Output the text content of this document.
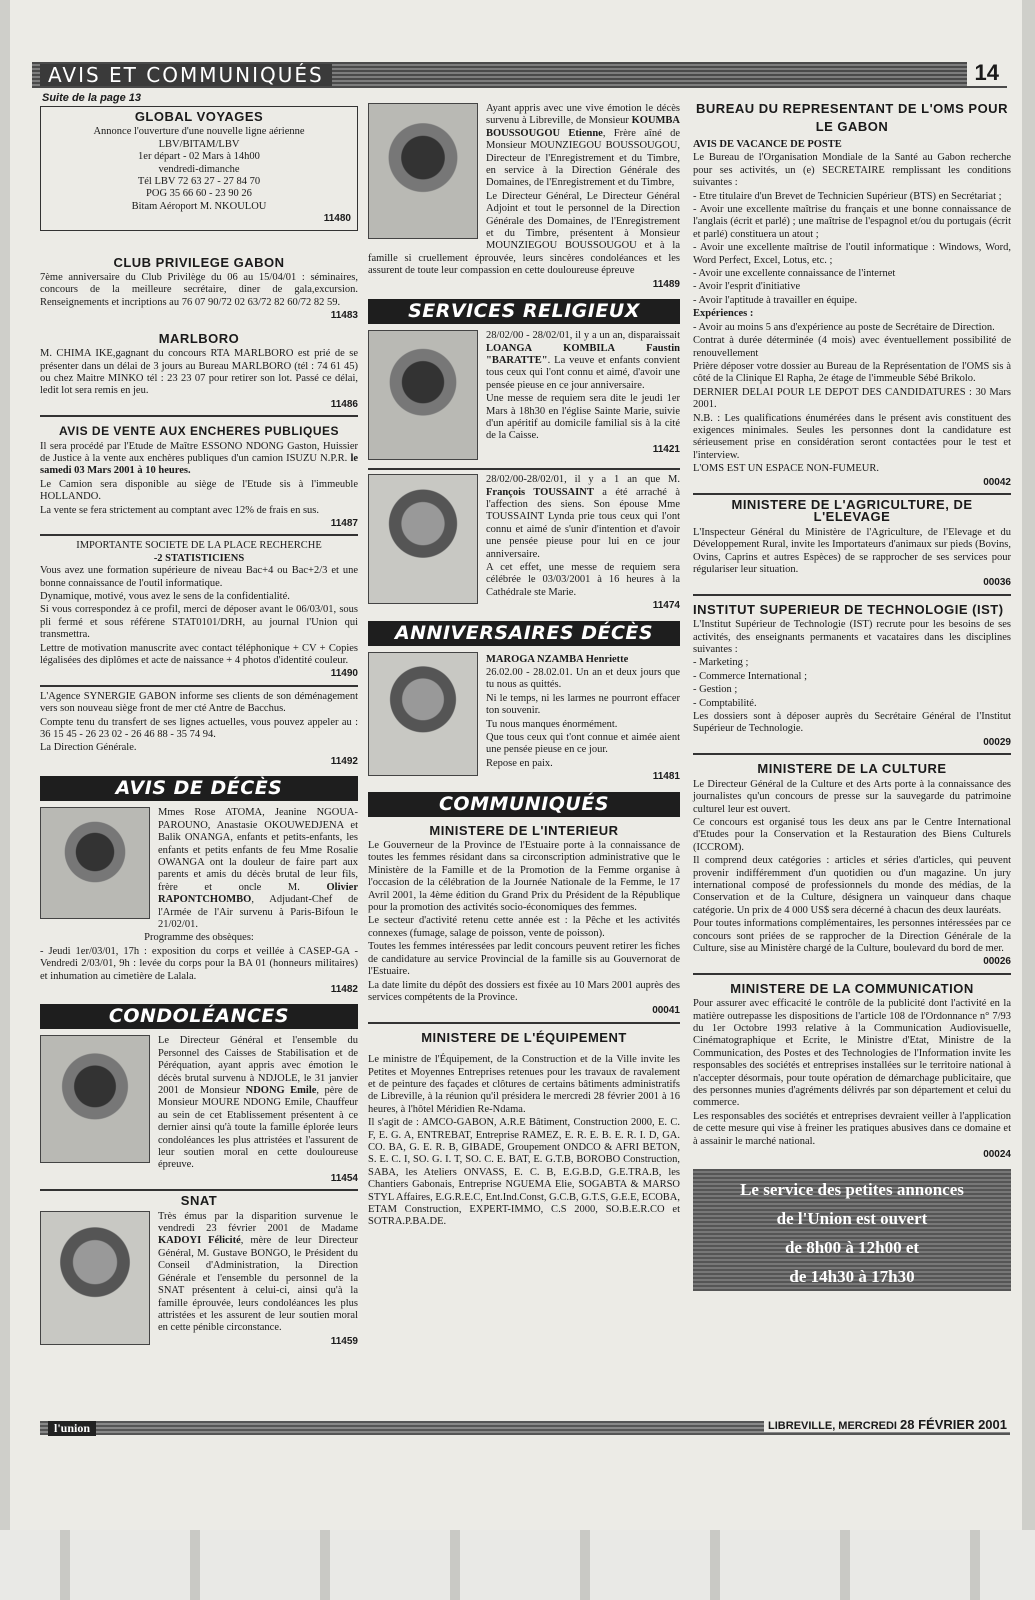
AVIS ET COMMUNIQUÉS	14
Suite de la page 13
GLOBAL VOYAGES
Annonce l'ouverture d'une nouvelle ligne aérienne
LBV/BITAM/LBV
1er départ - 02 Mars à 14h00
vendredi-dimanche
Tél LBV 72 63 27 - 27 84 70
POG 35 66 60 - 23 90 26
Bitam Aéroport M. NKOULOU
11480
CLUB PRIVILEGE GABON

7ème anniversaire du Club Privilège du 06 au 15/04/01 : séminaires, concours de la meilleure secrétaire, diner de gala,excursion. Renseignements et incriptions au 76 07 90/72 02 63/72 82 60/72 82 59.

11483
MARLBORO

M. CHIMA IKE,gagnant du concours RTA MARLBORO est prié de se présenter dans un délai de 3 jours au Bureau MARLBORO (tél : 74 61 45) ou chez Maitre MINKO tél : 23 23 07 pour retirer son lot. Passé ce délai, ledit lot sera remis en jeu.

11486
AVIS DE VENTE AUX ENCHERES PUBLIQUES

Il sera procédé par l'Etude de Maître ESSONO NDONG Gaston, Huissier de Justice à la vente aux enchères publiques d'un camion ISUZU N.P.R. le samedi 03 Mars 2001 à 10 heures.

Le Camion sera disponible au siège de l'Etude sis à l'immeuble HOLLANDO.

La vente se fera strictement au comptant avec 12% de frais en sus.

11487
IMPORTANTE SOCIETE DE LA PLACE RECHERCHE
-2 STATISTICIENS

Vous avez une formation supérieure de niveau Bac+4 ou Bac+2/3 et une bonne connaissance de l'outil informatique.

Dynamique, motivé, vous avez le sens de la confidentialité.

Si vous correspondez à ce profil, merci de déposer avant le 06/03/01, sous pli fermé et sous référene STAT0101/DRH, au journal l'Union qui transmettra.

Lettre de motivation manuscrite avec contact téléphonique + CV + Copies légalisées des diplômes et acte de naissance + 4 photos d'identité couleur.

11490

L'Agence SYNERGIE GABON informe ses clients de son déménagement vers son nouveau siège front de mer cté Antre de Bacchus.

Compte tenu du transfert de ses lignes actuelles, vous pouvez appeler au : 36 15 45 - 26 23 02 - 26 46 88 - 35 74 94.

La Direction Générale.

11492
AVIS DE DÉCÈS

Mmes Rose ATOMA, Jeanine NGOUA-PAROUNO, Anastasie OKOUWEDJENA et Balik ONANGA, enfants et petits-enfants, les enfants et petits enfants de feu Mme Rosalie OWANGA ont la douleur de faire part aux parents et amis du décès brutal de leur fils, frère et oncle M.	Olivier RAPONTCHOMBO, Adjudant-Chef de l'Armée de l'Air survenu à Paris-Bifoun le 21/02/01.

Programme des obsèques:

- Jeudi 1er/03/01, 17h : exposition du corps et veillée à CASEP-GA - Vendredi 2/03/01, 9h : levée du corps pour la BA 01 (honneurs militaires) et inhumation au cimetière de Lalala.

11482
CONDOLÉANCES

Le Directeur Général et l'ensemble du Personnel des Caisses de Stabilisation et de Péréquation, ayant appris avec émotion le décès brutal survenu à NDJOLE, le 31 janvier 2001 de Monsieur NDONG Emile, père de Monsieur MOURE NDONG Emile, Chauffeur au sein de cet Etablissement présentent à ce dernier ainsi qu'à toute la famille éplorée leurs condoléances les plus attristées et l'assurent de leur soutien moral en cette douloureuse épreuve.

11454
SNAT

Très émus par la disparition survenue le vendredi 23 février 2001 de Madame KADOYI Félicité, mère de leur Directeur Général, M. Gustave BONGO, le Président du Conseil d'Administration, la Direction Générale et l'ensemble du personnel de la SNAT présentent à celui-ci, ainsi qu'à la famille éprouvée, leurs condoléances les plus attristées et les assurent de leur soutien moral en cette pénible circonstance.

11459

Ayant appris avec une vive émotion le décès survenu à Libreville, de Monsieur KOUMBA BOUSSOUGOU Etienne, Frère aîné de Monsieur MOUNZIEGOU BOUSSOUGOU, Directeur de l'Enregistrement et du Timbre, en service à la Direction Générale des Domaines, de l'Enregistrement et du Timbre,

Le Directeur Général, Le Directeur Général Adjoint et tout le personnel de la Direction Générale des Domaines, de l'Enregistrement et du Timbre, présentent à Monsieur MOUNZIEGOU BOUSSOUGOU et à la famille si cruellement éprouvée, leurs sincères condoléances et les assurent de toute leur compassion en cette douloureuse épreuve

11489
SERVICES RELIGIEUX

28/02/00 - 28/02/01, il y a un an, disparaissait LOANGA KOMBILA Faustin "BARATTE". La veuve et enfants convient tous ceux qui l'ont connu et aimé, d'avoir une pensée pieuse en ce jour anniversaire.

Une messe de requiem sera dite le jeudi 1er Mars à 18h30 en l'église Sainte Marie, suivie d'un apéritif au domicile familial sis à la cité de la Caisse.

11421

28/02/00-28/02/01, il y a 1 an que M. François TOUSSAINT a été arraché à l'affection des siens. Son épouse Mme TOUSSAINT Lynda prie tous ceux qui l'ont connu et aimé de s'unir d'intention et d'avoir une pensée pieuse pour lui en ce jour anniversaire.

A cet effet, une messe de requiem sera célébrée le 03/03/2001 à 16 heures à la Cathédrale ste Marie.

11474
ANNIVERSAIRES DÉCÈS

MAROGA NZAMBA Henriette

26.02.00 - 28.02.01. Un an et deux jours que tu nous as quittés.

Ni le temps, ni les larmes ne pourront effacer ton souvenir.

Tu nous manques énormément.

Que tous ceux qui t'ont connue et aimée aient une pensée pieuse en ce jour.

Repose en paix.

11481
COMMUNIQUÉS
MINISTERE DE L'INTERIEUR

Le Gouverneur de la Province de l'Estuaire porte à la connaissance de toutes les femmes résidant dans sa circonscription administrative que le Ministère de la Famille et de la Promotion de la Femme organise à l'occasion de la célébration de la Journée Nationale de la Femme, le 17 Avril 2001, la 4ème édition du Grand Prix du Président de la République pour la promotion des activités socio-économiques des femmes.

Le secteur d'activité retenu cette année est : la Pêche et les activités connexes (fumage, salage de poisson, vente de poisson).

Toutes les femmes intéressées par ledit concours peuvent retirer les fiches de candidature au service Provincial de la famille sis au Gouvernorat de l'Estuaire.

La date limite du dépôt des dossiers est fixée au 10 Mars 2001 auprès des services compétents de la Province.

00041
MINISTERE DE L'ÉQUIPEMENT

Le ministre de l'Équipement, de la Construction et de la Ville invite les Petites et Moyennes Entreprises retenues pour les travaux de ravalement et de peinture des façades et clôtures de certains bâtiments administratifs de Libreville, à la réunion qu'il présidera le mercredi 28 février 2001 à 16 heures, à l'hôtel Méridien Re-Ndama.

Il s'agit de : AMCO-GABON, A.R.E Bâtiment, Construction 2000, E. C. F, E. G. A, ENTREBAT, Entreprise RAMEZ, E. R. E. B. E. R. I. D, GA. CO. BA, G. E. R. B, GIBADE, Groupement ONDCO & AFRI BETON, S. E. C. I, SO. G. I. T, SO. C. E. BAT, E. G.T.B, BOROBO Construction, SABA, les Ateliers ONVASS, E. C. B, E.G.B.D, G.E.TRA.B, les Chantiers Gabonais, Entreprise NGUEMA Elie, SOGABTA & MARSO STYL Affaires, E.G.R.E.C, Ent.Ind.Const, G.C.B, G.T.S, G.E.E, ECOBA, ETAM Construction, EXPERT-IMMO, C.S 2000, SO.B.E.R.CO et SOTRA.P.BA.DE.

BUREAU DU REPRESENTANT DE L'OMS POUR LE GABON

AVIS DE VACANCE DE POSTE

Le Bureau de l'Organisation Mondiale de la Santé au Gabon recherche pour ses activités, un (e) SECRETAIRE remplissant les conditions suivantes :

- Etre titulaire d'un Brevet de Technicien Supérieur (BTS) en Secrétariat ;

- Avoir une excellente maîtrise du français et une bonne connaissance de l'anglais (écrit et parlé) ; une maîtrise de l'espagnol et/ou du portugais (écrit et parlé) constituera un atout ;

- Avoir une excellente maîtrise de l'outil informatique : Windows, Word, Word Perfect, Excel, Lotus, etc. ;

- Avoir une excellente connaissance de l'internet

- Avoir l'esprit d'initiative

- Avoir l'aptitude à travailler en équipe.

Expériences :

- Avoir au moins 5 ans d'expérience au poste de Secrétaire de Direction.

Contrat à durée déterminée (4 mois) avec éventuellement possibilité de renouvellement

Prière déposer votre dossier au Bureau de la Représentation de l'OMS sis à côté de la Clinique El Rapha, 2e étage de l'immeuble Sébé Brikolo.

DERNIER DELAI POUR LE DEPOT DES CANDIDATURES : 30 Mars 2001.

N.B. : Les qualifications énumérées dans le présent avis constituent des exigences minimales. Seules les personnes dont la candidature est sérieusement prise en considération seront contactées pour le test et l'interview.

L'OMS EST UN ESPACE NON-FUMEUR.

00042
MINISTERE DE L'AGRICULTURE, DE L'ELEVAGE

L'Inspecteur Général du Ministère de l'Agriculture, de l'Elevage et du Développement Rural, invite les Importateurs d'animaux sur pieds (Bovins, Ovins, Caprins et autres Espèces) de se rapprocher de ses services pour régulariser leur situation.

00036
INSTITUT SUPERIEUR DE TECHNOLOGIE (IST)

L'Institut Supérieur de Technologie (IST) recrute pour les besoins de ses activités, des enseignants permanents et vacataires dans les disciplines suivantes :

- Marketing ;

- Commerce International ;

- Gestion ;

- Comptabilité.

Les dossiers sont à déposer auprès du Secrétaire Général de l'Institut Supérieur de Technologie.

00029
MINISTERE DE LA CULTURE

Le Directeur Général de la Culture et des Arts porte à la connaissance des journalistes qu'un concours de presse sur la sauvegarde du patrimoine culturel leur est ouvert.

Ce concours est organisé tous les deux ans par le Centre International d'Etudes pour la Conservation et la Restauration des Biens Culturels (ICCROM).

Il comprend deux catégories : articles et séries d'articles, qui peuvent provenir indifféremment d'un quotidien ou d'un magazine. Un jury international composé de professionnels du monde des médias, de la Conservation et de la Culture, désignera un vainqueur dans chaque catégorie. Un prix de 4 000 US$ sera décerné à chacun des deux lauréats.

Pour toutes informations complémentaires, les personnes intéressées par ce concours sont priées de se rapprocher de la Direction Générale de la Culture, sise au Ministère chargé de la Culture, boulevard du bord de mer.

00026
MINISTERE DE LA COMMUNICATION

Pour assurer avec efficacité le contrôle de la publicité dont l'activité en la matière outrepasse les dispositions de l'article 108 de l'Ordonnance n° 7/93 du 1er Octobre 1993 relative à la Communication Audiovisuelle, Cinématographique et Ecrite, le Ministre d'Etat, Ministre de la Communication, des Postes et des Technologies de l'Information invite les responsables des sociétés et entreprises installées sur le territoire national à n'accepter désormais, pour toute opération de démarchage publicitaire, que des personnes munies d'agréments délivrés par son département et celui du commerce.

Les responsables des sociétés et entreprises devraient veiller à l'application de cette mesure qui vise à freiner les pratiques abusives dans ce domaine et à assainir le marché national.

00024
Le service des petites annonces
de l'Union est ouvert
de 8h00 à 12h00 et
de 14h30 à 17h30
l'union	LIBREVILLE, MERCREDI 28 FÉVRIER 2001
